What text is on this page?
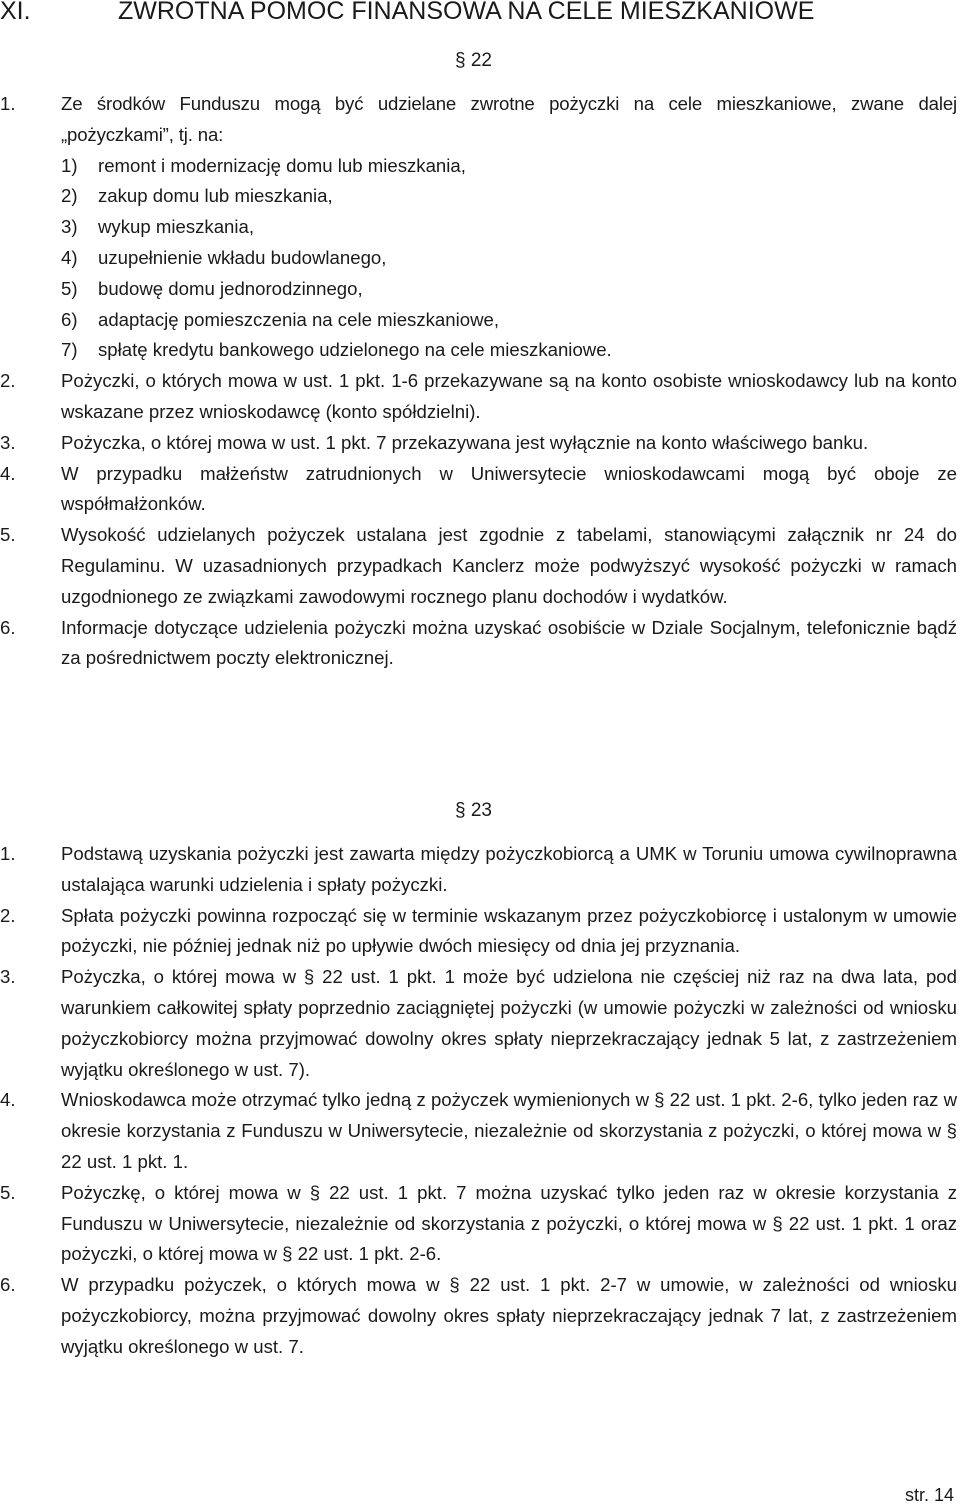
XI.	ZWROTNA POMOC FINANSOWA NA CELE MIESZKANIOWE
§ 22
1. Ze środków Funduszu mogą być udzielane zwrotne pożyczki na cele mieszkaniowe, zwane dalej „pożyczkami”, tj. na:
1) remont i modernizację domu lub mieszkania,
2) zakup domu lub mieszkania,
3) wykup mieszkania,
4) uzupełnienie wkładu budowlanego,
5) budowę domu jednorodzinnego,
6) adaptację pomieszczenia na cele mieszkaniowe,
7) spłatę kredytu bankowego udzielonego na cele mieszkaniowe.
2. Pożyczki, o których mowa w ust. 1 pkt. 1-6 przekazywane są na konto osobiste wnioskodawcy lub na konto wskazane przez wnioskodawcę (konto spółdzielni).
3. Pożyczka, o której mowa w ust. 1 pkt. 7 przekazywana jest wyłącznie na konto właściwego banku.
4. W przypadku małżeństw zatrudnionych w Uniwersytecie wnioskodawcami mogą być oboje ze współmałżonków.
5. Wysokość udzielanych pożyczek ustalana jest zgodnie z tabelami, stanowiącymi załącznik nr 24 do Regulaminu. W uzasadnionych przypadkach Kanclerz może podwyższyć wysokość pożyczki w ramach uzgodnionego ze związkami zawodowymi rocznego planu dochodów i wydatków.
6. Informacje dotyczące udzielenia pożyczki można uzyskać osobiście w Dziale Socjalnym, telefonicznie bądź za pośrednictwem poczty elektronicznej.
§ 23
1. Podstawą uzyskania pożyczki jest zawarta między pożyczkobiorcą a UMK w Toruniu umowa cywilnoprawna ustalająca warunki udzielenia i spłaty pożyczki.
2. Spłata pożyczki powinna rozpocząć się w terminie wskazanym przez pożyczkobiorcę i ustalonym w umowie pożyczki, nie później jednak niż po upływie dwóch miesięcy od dnia jej przyznania.
3. Pożyczka, o której mowa w § 22 ust. 1 pkt. 1 może być udzielona nie częściej niż raz na dwa lata, pod warunkiem całkowitej spłaty poprzednio zaciągniętej pożyczki (w umowie pożyczki w zależności od wniosku pożyczkobiorcy można przyjmować dowolny okres spłaty nieprzekraczający jednak 5 lat, z zastrzeżeniem wyjątku określonego w ust. 7).
4. Wnioskodawca może otrzymać tylko jedną z pożyczek wymienionych w § 22 ust. 1 pkt. 2-6, tylko jeden raz w okresie korzystania z Funduszu w Uniwersytecie, niezależnie od skorzystania z pożyczki, o której mowa w § 22 ust. 1 pkt. 1.
5. Pożyczkę, o której mowa w § 22 ust. 1 pkt. 7 można uzyskać tylko jeden raz w okresie korzystania z Funduszu w Uniwersytecie, niezależnie od skorzystania z pożyczki, o której mowa w § 22 ust. 1 pkt. 1 oraz pożyczki, o której mowa w § 22 ust. 1 pkt. 2-6.
6. W przypadku pożyczek, o których mowa w § 22 ust. 1 pkt. 2-7 w umowie, w zależności od wniosku pożyczkobiorcy, można przyjmować dowolny okres spłaty nieprzekraczający jednak 7 lat, z zastrzeżeniem wyjątku określonego w ust. 7.
str. 14
